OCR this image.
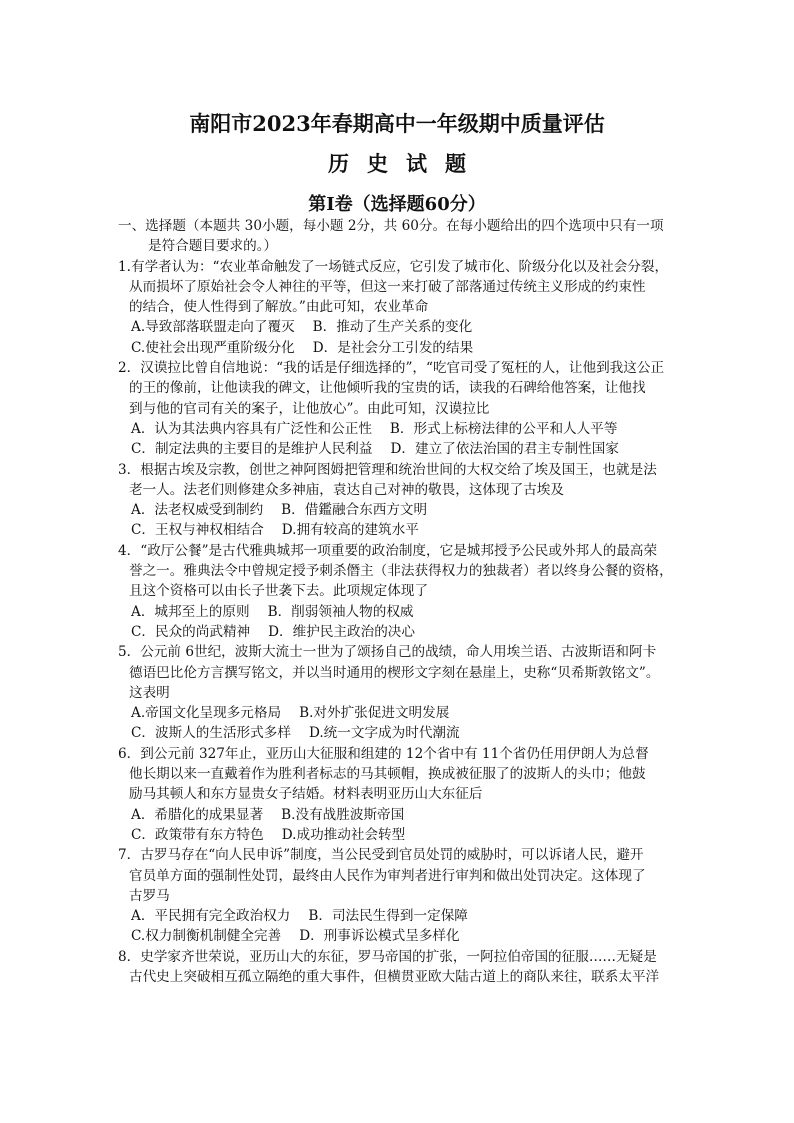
南阳市2023年春期高中一年级期中质量评估
历史试题
第Ⅰ卷（选择题60分）

一、选择题（本题共 30小题，每小题 2分，共 60分。在每小题给出的四个选项中只有一项

是符合题目要求的。）

1.有学者认为：“农业革命触发了一场链式反应，它引发了城市化、阶级分化以及社会分裂，

从而损坏了原始社会令人神往的平等，但这一来打破了部落通过传统主义形成的约束性

的结合，使人性得到了解放。”由此可知，农业革命

A.导致部落联盟走向了覆灭 B．推动了生产关系的变化

C.使社会出现严重阶级分化 D．是社会分工引发的结果

2．汉谟拉比曾自信地说：“我的话是仔细选择的”，“吃官司受了冤枉的人，让他到我这公正

的王的像前，让他读我的碑文，让他倾听我的宝贵的话，读我的石碑给他答案，让他找

到与他的官司有关的案子，让他放心”。由此可知，汉谟拉比

A．认为其法典内容具有广泛性和公正性 B．形式上标榜法律的公平和人人平等

C．制定法典的主要目的是维护人民利益 D．建立了依法治国的君主专制性国家

3．根据古埃及宗教，创世之神阿图姆把管理和统治世间的大权交给了埃及国王，也就是法

老一人。法老们则修建众多神庙，袁达自己对神的敬畏，这体现了古埃及

A．法老权威受到制约 B．借鑑融合东西方文明

C．王权与神权相结合 D.拥有较高的建筑水平

4．“政厅公餐”是古代雅典城邦一项重要的政治制度，它是城邦授予公民或外邦人的最高荣

誉之一。雅典法令中曾规定授予刺杀僭主（非法获得权力的独裁者）者以终身公餐的资格，

且这个资格可以由长子世袭下去。此项规定体现了

A．城邦至上的原则 B．削弱领袖人物的权威

C．民众的尚武精神 D．维护民主政治的决心

5．公元前 6世纪，波斯大流士一世为了颂扬自己的战绩，命人用埃兰语、古波斯语和阿卡

德语巴比伦方言撰写铭文，并以当时通用的楔形文字刻在悬崖上，史称“贝希斯敦铭文”。

这表明

A.帝国文化呈现多元格局 B.对外扩张促进文明发展

C．波斯人的生活形式多样 D.统一文字成为时代潮流

6．到公元前 327年止，亚历山大征服和组建的 12个省中有 11个省仍任用伊朗人为总督

他长期以来一直戴着作为胜利者标志的马其顿帽，换成被征服了的波斯人的头巾；他鼓

励马其顿人和东方显贵女子结婚。材料表明亚历山大东征后

A．希腊化的成果显著 B.没有战胜波斯帝国

C．政策带有东方特色 D.成功推动社会转型

7．古罗马存在“向人民申诉”制度，当公民受到官员处罚的威胁时，可以诉诸人民，避开

官员单方面的强制性处罚，最终由人民作为审判者进行审判和做出处罚决定。这体现了

古罗马

A．平民拥有完全政治权力 B．司法民生得到一定保障

C.权力制衡机制健全完善 D．刑事诉讼模式呈多样化

8．史学家齐世荣说，亚历山大的东征，罗马帝国的扩张，一阿拉伯帝国的征服……无疑是

古代史上突破相互孤立隔绝的重大事件，但横贯亚欧大陆古道上的商队来往，联系太平洋
